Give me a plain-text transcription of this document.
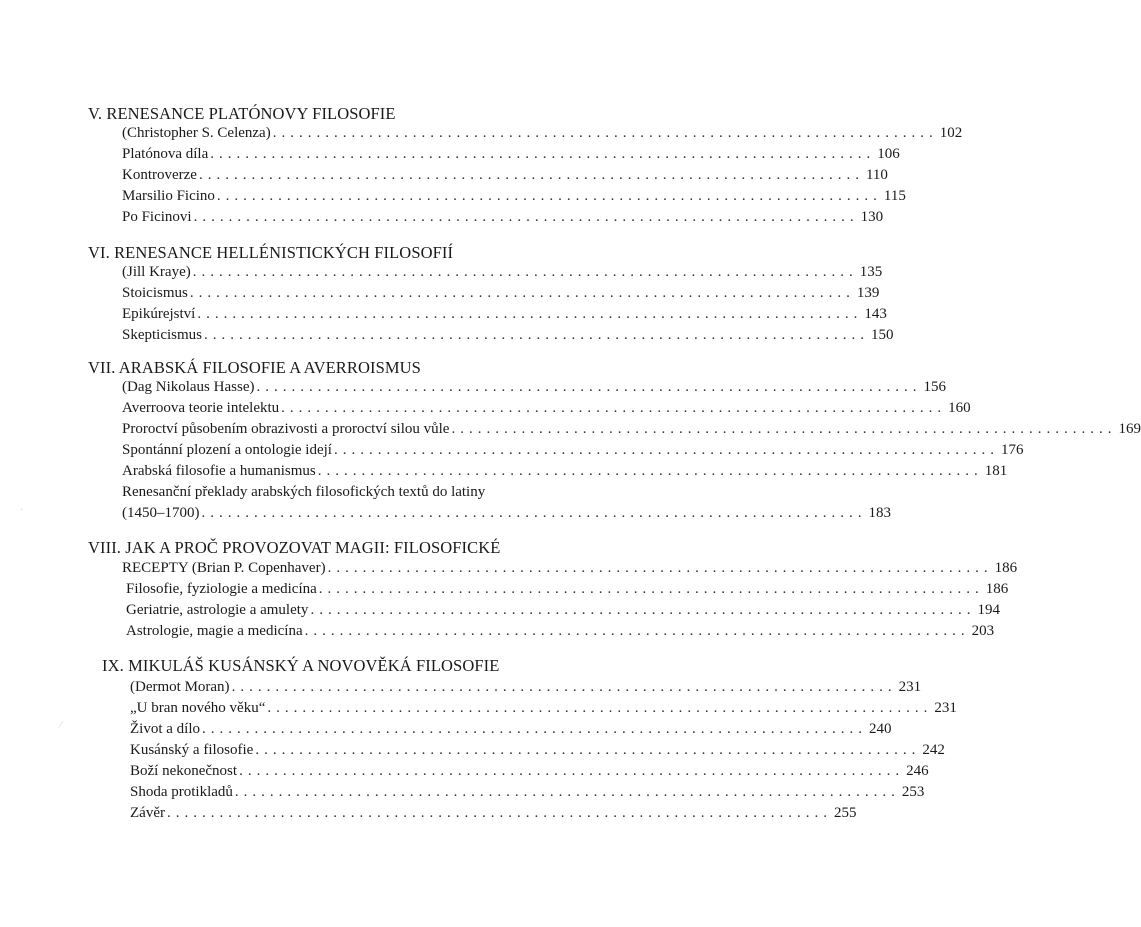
V. RENESANCE PLATÓNOVY FILOSOFIE
(Christopher S. Celenza) ............................................................................ 102
Platónova díla ............................................................................ 106
Kontroverze ............................................................................ 110
Marsilio Ficino ............................................................................ 115
Po Ficinovi ............................................................................ 130
VI. RENESANCE HELLÉNISTICKÝCH FILOSOFIÍ
(Jill Kraye) ............................................................................ 135
Stoicismus ............................................................................ 139
Epikúrejství ............................................................................ 143
Skepticismus ............................................................................ 150
VII. ARABSKÁ FILOSOFIE A AVERROISMUS
(Dag Nikolaus Hasse) ............................................................................ 156
Averroova teorie intelektu ............................................................................ 160
Proroctví působením obrazivosti a proroctví silou vůle ............................................................................ 169
Spontánní plození a ontologie idejí ............................................................................ 176
Arabská filosofie a humanismus ............................................................................ 181
Renesanční překlady arabských filosofických textů do latiny
(1450–1700) ............................................................................ 183
VIII. JAK A PROČ PROVOZOVAT MAGII: FILOSOFICKÉ
RECEPTY (Brian P. Copenhaver) ............................................................................ 186
Filosofie, fyziologie a medicína ............................................................................ 186
Geriatrie, astrologie a amulety ............................................................................ 194
Astrologie, magie a medicína ............................................................................ 203
IX. MIKULÁŠ KUSÁNSKÝ A NOVOVĚKÁ FILOSOFIE
(Dermot Moran) ............................................................................ 231
„U bran nového věku“ ............................................................................ 231
Život a dílo ............................................................................ 240
Kusánský a filosofie ............................................................................ 242
Boží nekonečnost ............................................................................ 246
Shoda protikladů ............................................................................ 253
Závěr ............................................................................ 255
⁄
·
